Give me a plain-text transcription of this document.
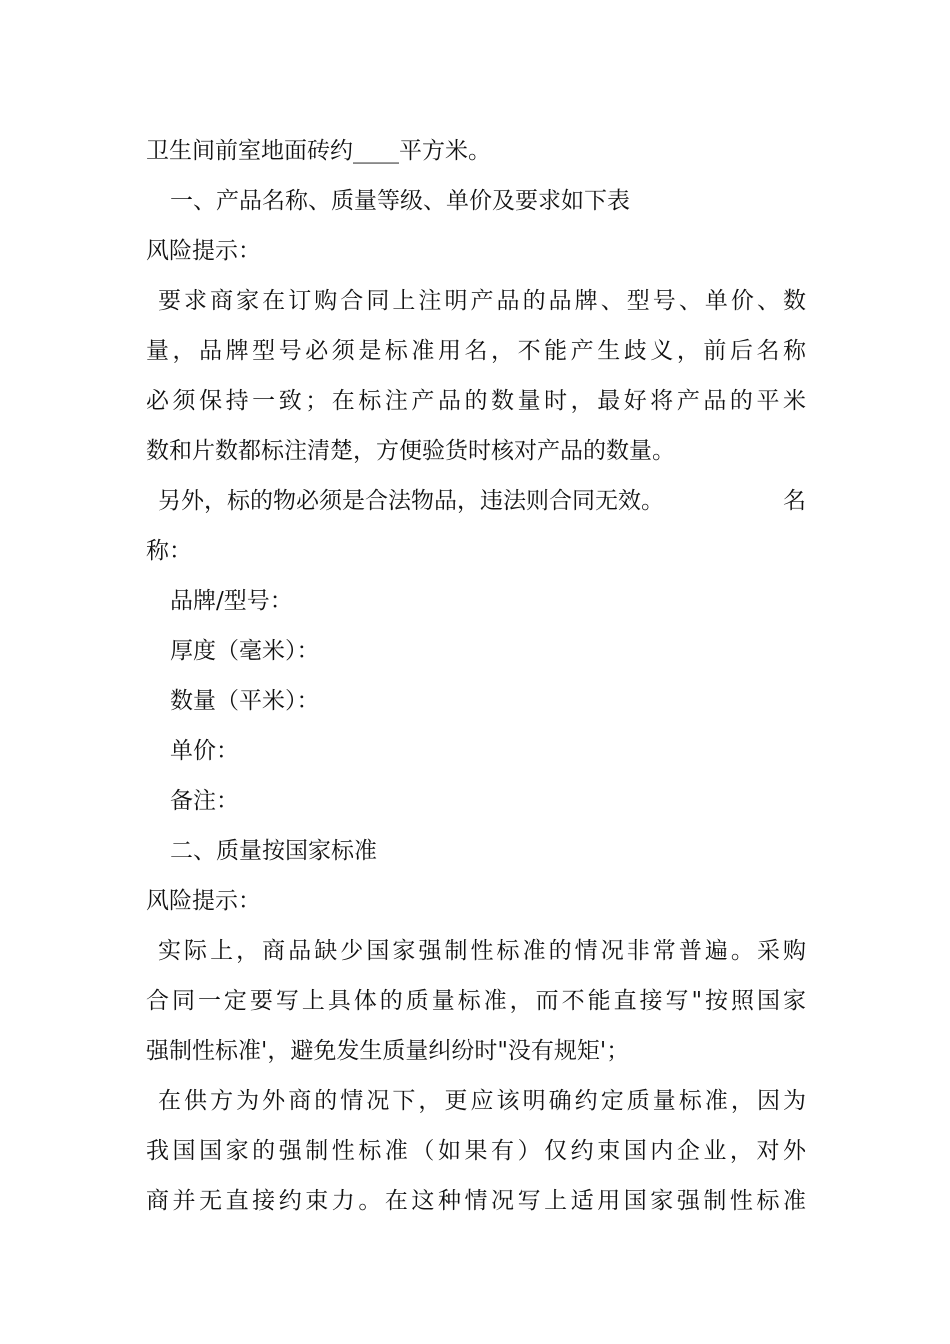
卫生间前室地面砖约____平方米。
一、产品名称、质量等级、单价及要求如下表
风险提示：
要求商家在订购合同上注明产品的品牌、型号、单价、数
量，品牌型号必须是标准用名，不能产生歧义，前后名称
必须保持一致；在标注产品的数量时，最好将产品的平米
数和片数都标注清楚，方便验货时核对产品的数量。
另外，标的物必须是合法物品，违法则合同无效。	名
称：
品牌/型号：
厚度（毫米）：
数量（平米）：
单价：
备注：
二、质量按国家标准
风险提示：
实际上，商品缺少国家强制性标准的情况非常普遍。采购
合同一定要写上具体的质量标准，而不能直接写"按照国家
强制性标准'，避免发生质量纠纷时"没有规矩'；
在供方为外商的情况下，更应该明确约定质量标准，因为
我国国家的强制性标准（如果有）仅约束国内企业，对外
商并无直接约束力。在这种情况写上适用国家强制性标准
